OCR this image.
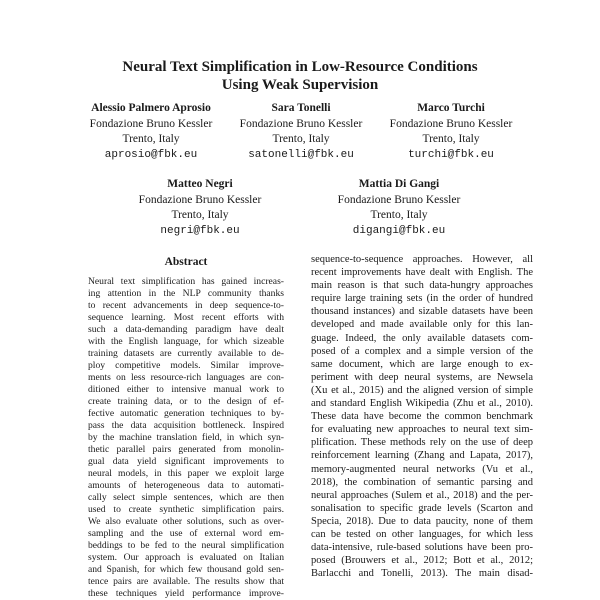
Neural Text Simplification in Low-Resource Conditions
Using Weak Supervision
Alessio Palmero Aprosio
Fondazione Bruno Kessler
Trento, Italy
aprosio@fbk.eu
Sara Tonelli
Fondazione Bruno Kessler
Trento, Italy
satonelli@fbk.eu
Marco Turchi
Fondazione Bruno Kessler
Trento, Italy
turchi@fbk.eu
Matteo Negri
Fondazione Bruno Kessler
Trento, Italy
negri@fbk.eu
Mattia Di Gangi
Fondazione Bruno Kessler
Trento, Italy
digangi@fbk.eu
Abstract
Neural text simplification has gained increas-
ing attention in the NLP community thanks
to recent advancements in deep sequence-to-
sequence learning. Most recent efforts with
such a data-demanding paradigm have dealt
with the English language, for which sizeable
training datasets are currently available to de-
ploy competitive models. Similar improve-
ments on less resource-rich languages are con-
ditioned either to intensive manual work to
create training data, or to the design of ef-
fective automatic generation techniques to by-
pass the data acquisition bottleneck. Inspired
by the machine translation field, in which syn-
thetic parallel pairs generated from monolin-
gual data yield significant improvements to
neural models, in this paper we exploit large
amounts of heterogeneous data to automati-
cally select simple sentences, which are then
used to create synthetic simplification pairs.
We also evaluate other solutions, such as over-
sampling and the use of external word em-
beddings to be fed to the neural simplification
system. Our approach is evaluated on Italian
and Spanish, for which few thousand gold sen-
tence pairs are available. The results show that
these techniques yield performance improve-
sequence-to-sequence approaches. However, all
recent improvements have dealt with English. The
main reason is that such data-hungry approaches
require large training sets (in the order of hundred
thousand instances) and sizable datasets have been
developed and made available only for this lan-
guage. Indeed, the only available datasets com-
posed of a complex and a simple version of the
same document, which are large enough to ex-
periment with deep neural systems, are Newsela
(Xu et al., 2015) and the aligned version of simple
and standard English Wikipedia (Zhu et al., 2010).
These data have become the common benchmark
for evaluating new approaches to neural text sim-
plification. These methods rely on the use of deep
reinforcement learning (Zhang and Lapata, 2017),
memory-augmented neural networks (Vu et al.,
2018), the combination of semantic parsing and
neural approaches (Sulem et al., 2018) and the per-
sonalisation to specific grade levels (Scarton and
Specia, 2018). Due to data paucity, none of them
can be tested on other languages, for which less
data-intensive, rule-based solutions have been pro-
posed (Brouwers et al., 2012; Bott et al., 2012;
Barlacchi and Tonelli, 2013). The main disad-
